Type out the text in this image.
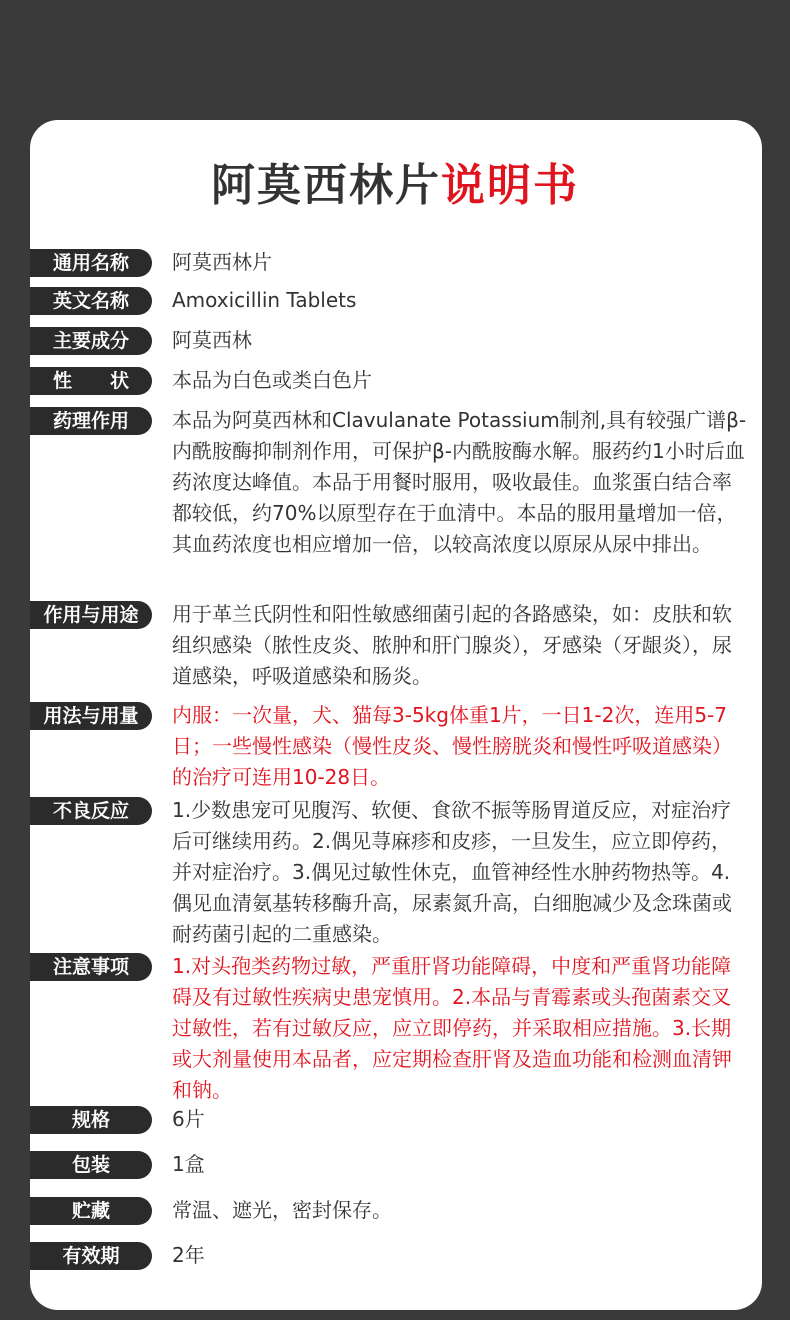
阿莫西林片说明书
通用名称	阿莫西林片
英文名称	Amoxicillin Tablets
主要成分	阿莫西林
性　　状	本品为白色或类白色片
药理作用	本品为阿莫西林和Clavulanate Potassium制剂,具有较强广谱β-内酰胺酶抑制剂作用，可保护β-内酰胺酶水解。服药约1小时后血药浓度达峰值。本品于用餐时服用，吸收最佳。血浆蛋白结合率都较低，约70%以原型存在于血清中。本品的服用量增加一倍，其血药浓度也相应增加一倍，以较高浓度以原尿从尿中排出。
作用与用途	用于革兰氏阴性和阳性敏感细菌引起的各路感染，如：皮肤和软组织感染（脓性皮炎、脓肿和肝门腺炎），牙感染（牙龈炎），尿道感染，呼吸道感染和肠炎。
用法与用量	内服：一次量，犬、猫每3-5kg体重1片，一日1-2次，连用5-7日；一些慢性感染（慢性皮炎、慢性膀胱炎和慢性呼吸道感染）的治疗可连用10-28日。
不良反应	1.少数患宠可见腹泻、软便、食欲不振等肠胃道反应，对症治疗后可继续用药。2.偶见荨麻疹和皮疹，一旦发生，应立即停药，并对症治疗。3.偶见过敏性休克，血管神经性水肿药物热等。4.偶见血清氨基转移酶升高，尿素氮升高，白细胞减少及念珠菌或耐药菌引起的二重感染。
注意事项	1.对头孢类药物过敏，严重肝肾功能障碍，中度和严重肾功能障碍及有过敏性疾病史患宠慎用。2.本品与青霉素或头孢菌素交叉过敏性，若有过敏反应，应立即停药，并采取相应措施。3.长期或大剂量使用本品者，应定期检查肝肾及造血功能和检测血清钾和钠。
规格	6片
包装	1盒
贮藏	常温、遮光，密封保存。
有效期	2年
